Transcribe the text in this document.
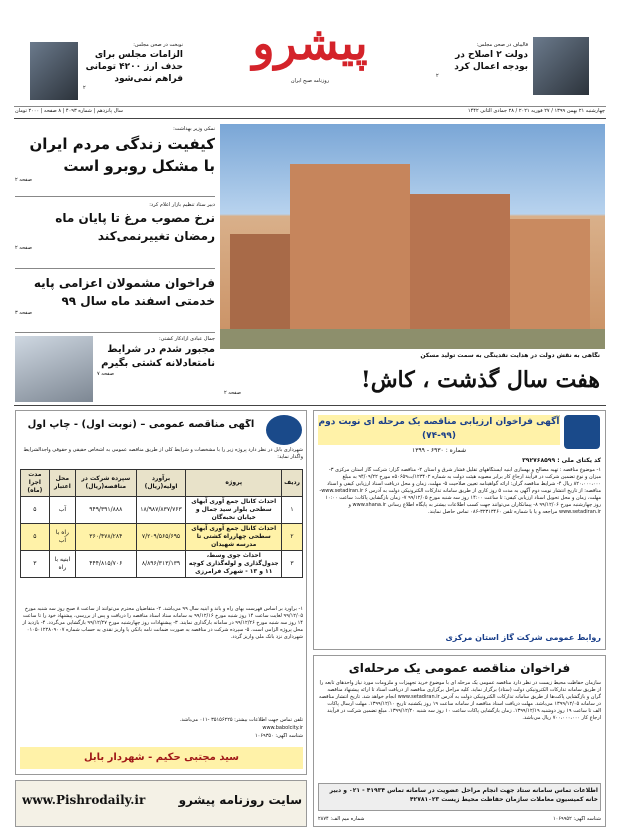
قالیباف در صحن مجلس:

دولت ۲ اصلاح در بودجه اعمال کرد

۲

پیشرو

روزنامه صبح ایران

نوبخت در صحن مجلس:

الزامات مجلس برای حذف ارز ۴۲۰۰ تومانی فراهم نمی‌شود

۲

چهارشنبه ۲۱ بهمن ۱۳۹۹ / ۲۷ فوریه ۲۰۲۱ / ۲۸ جمادی الثانی ۱۴۴۲

سال پانزدهم | شماره ۴۰۹۳ | ۸ صفحه | ۲۰۰۰ تومان

نمکی وزیر بهداشت:

کیفیت زندگی مردم ایران با مشکل روبرو است

صفحه ۲

دبیر ستاد تنظیم بازار اعلام کرد:

نرخ مصوب مرغ تا پایان ماه رمضان تغییرنمی‌کند

صفحه ۲

فراخوان مشمولان اعزامی پایه خدمتی اسفند ماه سال ۹۹

صفحه ۳

جمال عبادی آزادکار کشتی:

مجبور شدم در شرایط نامتعادلانه کشتی بگیرم

صفحه ۷

نگاهی به نقش دولت در هدایت نقدینگی به سمت تولید مسکن

هفت سال گذشت ، کاش!

صفحه ۲

آگهی فراخوان ارزیابی مناقصه یک مرحله ای نوبت دوم (۹۹-۷۴)

شماره : ۶۹۳۰ - ۱۳۹۹

کد یکتای ملی : ۳۹۲۷۶۸۵۹۹

۱- موضوع مناقصه : تهیه مصالح و بهسازی ابنیه ایستگاههای تقلیل فشار شرق و استان ۲- مناقصه گزار: شرکت گاز استان مرکزی ۳- میزان و نوع تضمین شرکت در فرآیند ارجاع کار برابر مصوبه هیئت دولت به شماره ۱۲۳۴۰۲/ت۵۰۶۵۹ه مورخ ۹۴/۰۹/۲۲ به مبلغ ۸۲۰،۰۰۰،۰۰۰ ریال ۴- شرایط مناقصه گران: ارائه گواهینامه تعیین صلاحیت ۵- مهلت، زمان و محل دریافت اسناد ارزیابی کیفی و اسناد مناقصه: از تاریخ انتشار نوبت دوم آگهی به مدت ۵ روز کاری از طریق سامانه تدارکات الکترونیکی دولت به آدرس www.setadiran.ir ۶- مهلت، زمان و محل تحویل اسناد ارزیابی کیفی: تا ساعت ۱۴:۰۰ روز سه شنبه مورخ ۹۹/۱۲/۰۵ ۷- زمان بازگشایی پاکات: ساعت ۱۰:۰۰ روز چهارشنبه مورخ ۹۹/۱۲/۰۶ ۸- پیمانکاران می‌توانند جهت کسب اطلاعات بیشتر به پایگاه اطلاع رسانی www.shana.ir و www.setadiran.ir مراجعه و یا با شماره تلفن ۳۲۳۱۳۴۶۰-۰۸۶ تماس حاصل نمایند.

روابط عمومی شرکت گاز استان مرکزی

فراخوان مناقصه عمومی یک مرحله‌ای

سازمان حفاظت محیط زیست در نظر دارد مناقصه عمومی یک مرحله ای با موضوع خرید تجهیزات و ملزومات مورد نیاز واحدهای تابعه را از طریق سامانه تدارکات الکترونیکی دولت (ستاد) برگزار نماید. کلیه مراحل برگزاری مناقصه از دریافت اسناد تا ارائه پیشنهاد مناقصه گران و بازگشایی پاکت‌ها از طریق سامانه تدارکات الکترونیکی دولت به آدرس www.setadiran.ir انجام خواهد شد. تاریخ انتشار مناقصه در سامانه ۱۳۹۹/۱۲/۰۵ می‌باشد. مهلت دریافت اسناد مناقصه از سامانه ساعت ۱۹ روز یکشنبه تاریخ ۱۳۹۹/۱۲/۱۰. مهلت ارسال پاکات الف تا ساعت ۱۹ روز دوشنبه ۱۳۹۹/۱۲/۱۹. زمان بازگشایی پاکات ساعت ۱۰ روز سه شنبه ۱۳۹۹/۱۲/۲۰. مبلغ تضمین شرکت در فرآیند ارجاع کار ۷۰۰،۰۰۰،۰۰۰ ریال می‌باشد.

اطلاعات تماس سامانه ستاد جهت انجام مراحل عضویت در سامانه تماس ۴۱۹۳۴ - ۰۲۱ و دبیر خانه کمیسیون معاملات سازمان حفاظت محیط زیست ۴۲۷۸۱۰۲۳

شناسه آگهی: ۱۰۶۹۹۵۲

شماره میم الف: ۲۸۷۴

آگهی مناقصه عمومی – (نوبت اول) - چاپ اول

شهرداری بابل در نظر دارد پروژه زیر را با مشخصات و شرایط کلی از طریق مناقصه عمومی به اشخاص حقیقی و حقوقی واجدالشرایط واگذار نماید:

ردیف	پروژه	برآورد اولیه(ریال)	سپرده شرکت در مناقصه(ریال)	محل اعتبار	مدت اجرا (ماه)
۱	احداث کانال جمع آوری آبهای سطحی بلوار سید جمال و خیابان نخبه‌گان	۱۸/۹۸۷/۸۳۷/۷۶۳	۹۴۹/۳۹۱/۸۸۸	آب	۵
۲	احداث کانال جمع آوری آبهای سطحی چهارراه کشتی تا مدرسه شهیدان	۷/۲۰۹/۵۶۵/۶۹۵	۳۶۰/۴۷۸/۲۸۴	راه با آب	۵
۳	احداث جوی وسط، جدول‌گذاری و لوله‌گذاری کوچه ۱۱ و ۱۳ - شهرک فرامرزی	۸/۸۹۶/۳۱۳/۱۳۹	۴۴۴/۸۱۵/۷۰۶	ابنیه با راه	۳

۱- برآورد بر اساس فهرست بهای راه و باند و ابنیه سال ۹۹ می‌باشد. ۲- متقاضیان محترم می‌توانند از ساعت ۸ صبح روز سه شنبه مورخ ۹۹/۱۲/۰۵ لغایت ساعت ۱۴ روز شنبه مورخ ۹۹/۱۲/۱۶ به سامانه ستاد اسناد مناقصه را دریافت و پس از بررسی، پیشنهاد خود را تا ساعت ۱۴ روز سه شنبه مورخ ۹۹/۱۲/۲۶ در سامانه بارگذاری نمایند. ۳- پیشنهادات روز چهارشنبه مورخ ۹۹/۱۲/۲۷ بازگشایی می‌گردد. ۴- بازدید از محل پروژه الزامی است. ۵- سپرده شرکت در مناقصه به صورت ضمانت نامه بانکی یا واریز نقدی به حساب شماره ۰۱۰۵۰۱۲۲۸۰۹۰۰۷ شهرداری نزد بانک ملی واریز گردد.

تلفن تماس جهت اطلاعات بیشتر: ۳۵۱۵۶۲۲۵ -۰۱۱ می‌باشد.

www.babolcity.ir

شناسه آگهی: ۱۰۶۹۳۵۰

سید مجتبی حکیم - شهردار بابل

www.Pishrodaily.ir	سایت روزنامه پیشرو
